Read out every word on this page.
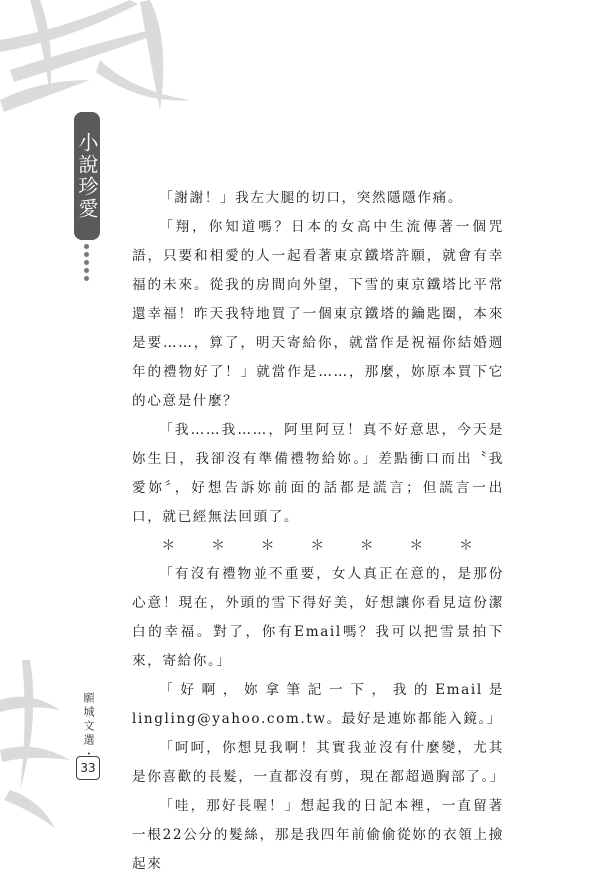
小說珍愛
願城文選・
33

「謝謝！」我左大腿的切口，突然隱隱作痛。

「翔，你知道嗎？日本的女高中生流傳著一個咒語，只要和相愛的人一起看著東京鐵塔許願，就會有幸福的未來。從我的房間向外望，下雪的東京鐵塔比平常還幸福！昨天我特地買了一個東京鐵塔的鑰匙圈，本來是要……，算了，明天寄給你，就當作是祝福你結婚週年的禮物好了！」就當作是……，那麼，妳原本買下它的心意是什麼？

「我……我……，阿里阿豆！真不好意思，今天是妳生日，我卻沒有準備禮物給妳。」差點衝口而出〝我愛妳〞，好想告訴妳前面的話都是謊言；但謊言一出口，就已經無法回頭了。

＊ ＊ ＊ ＊ ＊ ＊ ＊

「有沒有禮物並不重要，女人真正在意的，是那份心意！現在，外頭的雪下得好美，好想讓你看見這份潔白的幸福。對了，你有Email嗎？我可以把雪景拍下來，寄給你。」

「好啊，妳拿筆記一下，我的Email是lingling@yahoo.com.tw。最好是連妳都能入鏡。」

「呵呵，你想見我啊！其實我並沒有什麼變，尤其是你喜歡的長髮，一直都沒有剪，現在都超過胸部了。」

「哇，那好長喔！」想起我的日記本裡，一直留著一根22公分的髮絲，那是我四年前偷偷從妳的衣領上撿起來
